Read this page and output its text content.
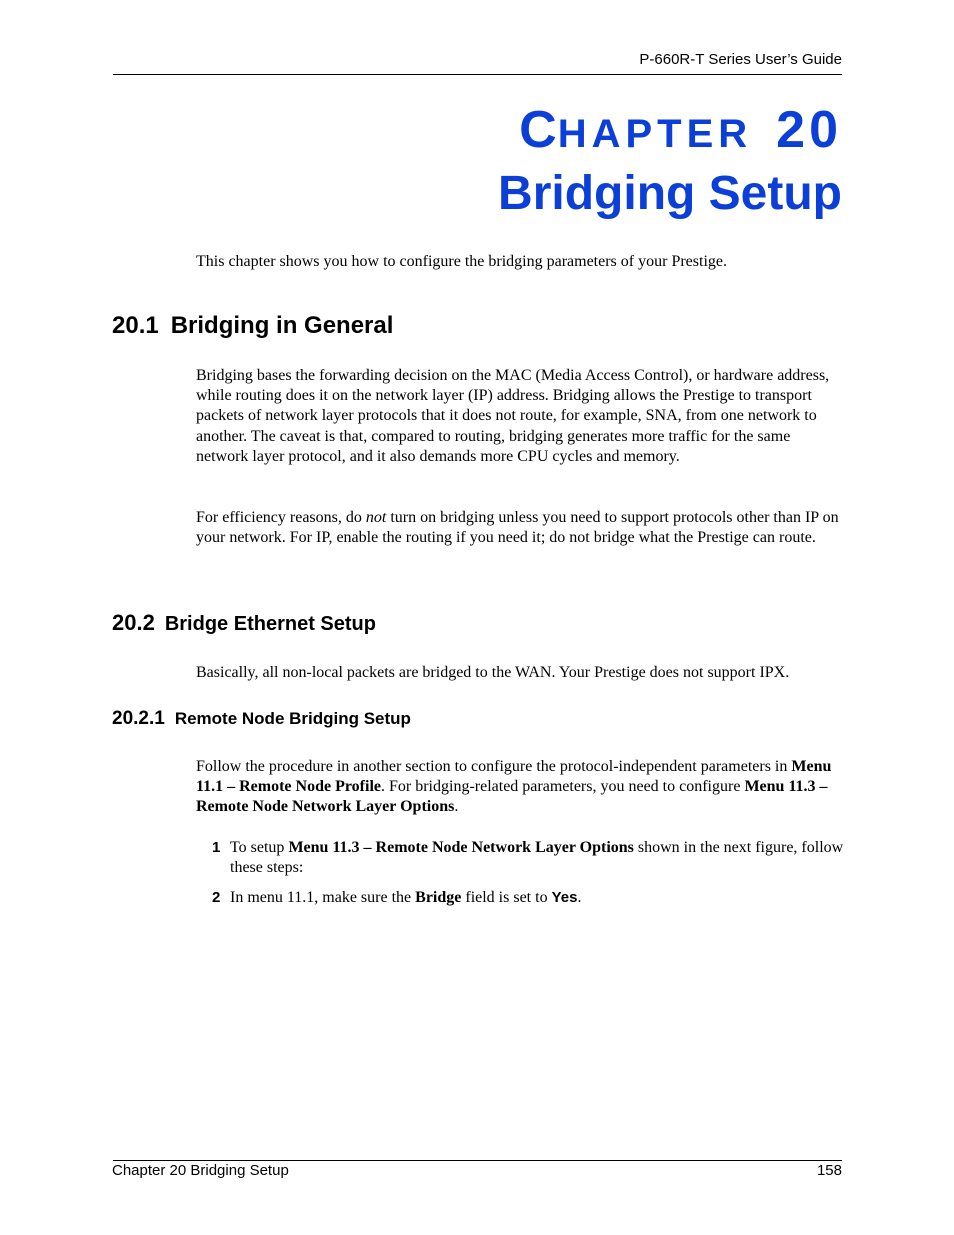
P-660R-T Series User’s Guide
CHAPTER 20
Bridging Setup
This chapter shows you how to configure the bridging parameters of your Prestige.
20.1 Bridging in General
Bridging bases the forwarding decision on the MAC (Media Access Control), or hardware address, while routing does it on the network layer (IP) address. Bridging allows the Prestige to transport packets of network layer protocols that it does not route, for example, SNA, from one network to another. The caveat is that, compared to routing, bridging generates more traffic for the same network layer protocol, and it also demands more CPU cycles and memory.
For efficiency reasons, do not turn on bridging unless you need to support protocols other than IP on your network. For IP, enable the routing if you need it; do not bridge what the Prestige can route.
20.2 Bridge Ethernet Setup
Basically, all non-local packets are bridged to the WAN. Your Prestige does not support IPX.
20.2.1 Remote Node Bridging Setup
Follow the procedure in another section to configure the protocol-independent parameters in Menu 11.1 – Remote Node Profile. For bridging-related parameters, you need to configure Menu 11.3 – Remote Node Network Layer Options.
1 To setup Menu 11.3 – Remote Node Network Layer Options shown in the next figure, follow these steps:
2 In menu 11.1, make sure the Bridge field is set to Yes.
Chapter 20 Bridging Setup	158
